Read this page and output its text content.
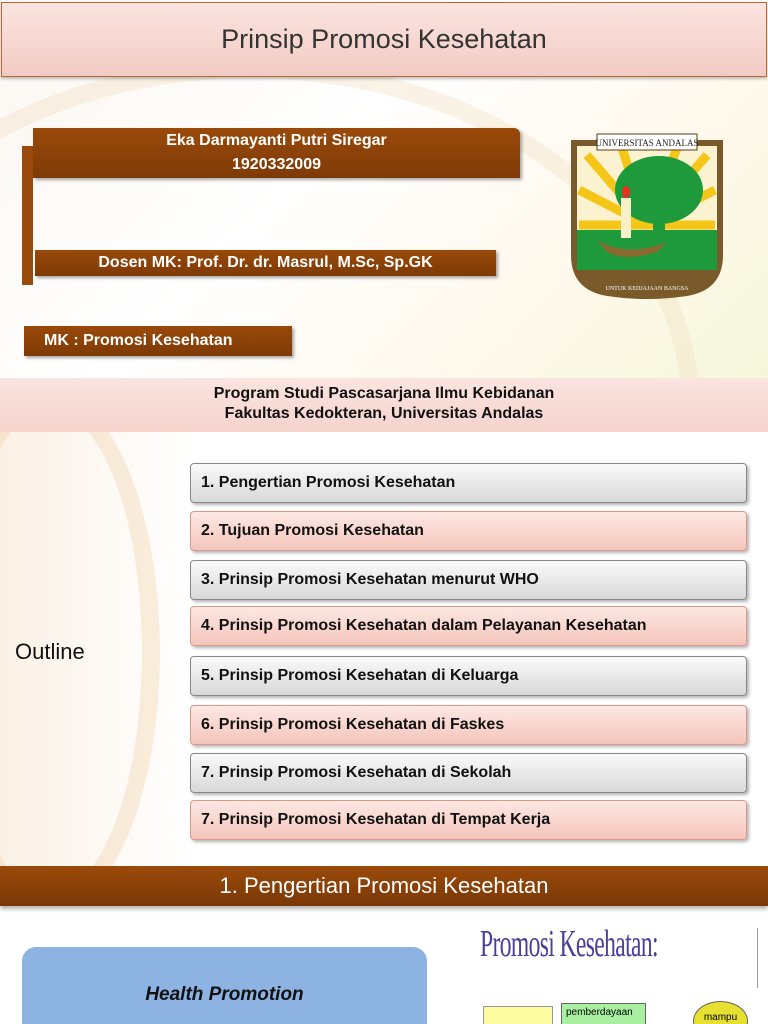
Prinsip Promosi Kesehatan
Eka Darmayanti Putri Siregar
1920332009
Dosen MK: Prof. Dr. dr. Masrul, M.Sc, Sp.GK
MK : Promosi Kesehatan
UNIVERSITAS ANDALAS
UNTUK KEDJAJAAN BANGSA
Program Studi Pascasarjana Ilmu Kebidanan
Fakultas Kedokteran, Universitas Andalas
Outline
1. Pengertian Promosi Kesehatan
2. Tujuan Promosi Kesehatan
3. Prinsip Promosi Kesehatan menurut WHO
4. Prinsip Promosi Kesehatan dalam Pelayanan Kesehatan
5. Prinsip Promosi Kesehatan di Keluarga
6. Prinsip Promosi Kesehatan di Faskes
7. Prinsip Promosi Kesehatan di Sekolah
7. Prinsip Promosi Kesehatan di Tempat Kerja
1. Pengertian Promosi Kesehatan
Health Promotion
Promosi Kesehatan:
pemberdayaan	mampu
